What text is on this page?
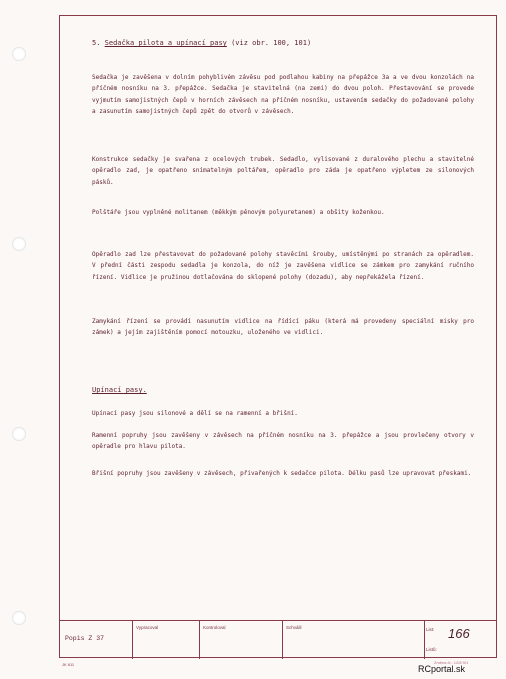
5. Sedačka pilota a upínací pasy (viz obr. 100, 101)
Sedačka je zavěšena v dolním pohyblivém závěsu pod podlahou kabiny na přepážce 3a a ve dvou konzolách na příčném nosníku na 3. přepážce. Sedačka je stavitelná (na zemi) do dvou poloh. Přestavování se provede vyjmutím samojistných čepů v horních závěsech na příčném nosníku, ustavením sedačky do požadované polohy a zasunutím samojistných čepů zpět do otvorů v závěsech.
Konstrukce sedačky je svařena z ocelových trubek. Sedadlo, vylisované z duralového plechu a stavitelné opěradlo zad, je opatřeno snímatelným poltářem, opěradlo pro záda je opatřeno výpletem ze silonových pásků.
Polštáře jsou vyplněné molitanem (měkkým pěnovým polyuretanem) a obšity koženkou.
Opěradlo zad lze přestavovat do požadované polohy stavěcími šrouby, umístěnými po stranách za opěradlem. V přední části zespodu sedadla je konzola, do níž je zavěšena vidlice se zámkem pro zamykání ručního řízení. Vidlice je pružinou dotlačována do sklopené polohy (dozadu), aby nepřekážela řízení.
Zamykání řízení se provádí nasunutím vidlice na řídící páku (která má provedeny speciální misky pro zámek) a jejím zajištěním pomocí motouzku, uloženého ve vidlici.
Upínací pasy.
Upínací pasy jsou silonové a dělí se na ramenní a břišní.
Ramenní popruhy jsou zavěšeny v závěsech na příčném nosníku na 3. přepážce a jsou provlečeny otvory v opěradle pro hlavu pilota.
Břišní popruhy jsou zavěšeny v závěsech, přivařených k sedačce pilota. Délku pasů lze upravovat přeskami.
Popis Z 37
Vypracoval	Kontroloval	Schválil	List: 166
Listů:
JK 611	Změna čl.: 12/8 9/1
RCportal.sk
